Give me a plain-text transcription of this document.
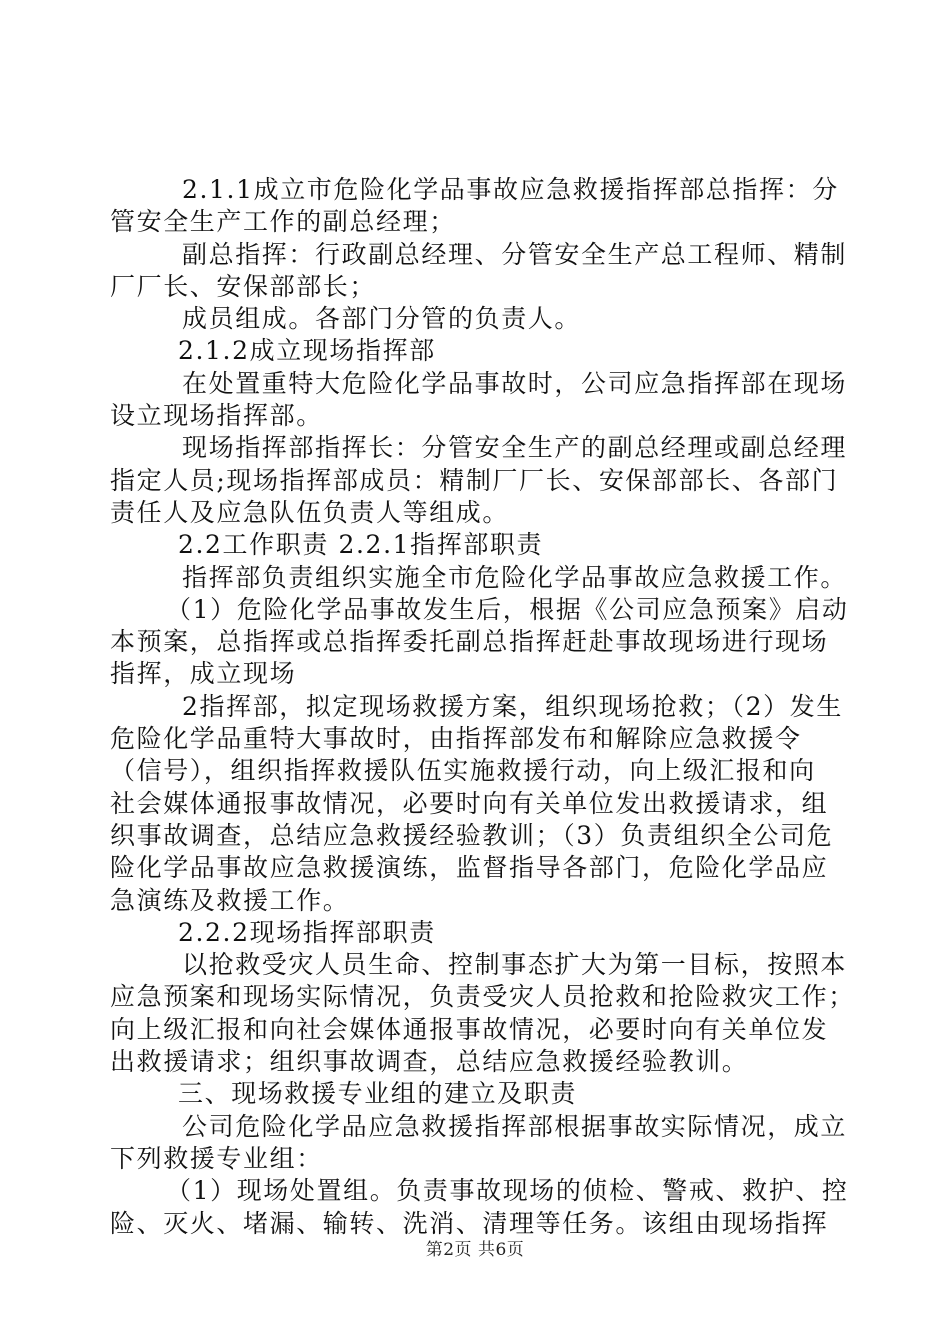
2.1.1成立市危险化学品事故应急救援指挥部总指挥：分
管安全生产工作的副总经理；
副总指挥：行政副总经理、分管安全生产总工程师、精制
厂厂长、安保部部长；
成员组成。各部门分管的负责人。
2.1.2成立现场指挥部
在处置重特大危险化学品事故时，公司应急指挥部在现场
设立现场指挥部。
现场指挥部指挥长：分管安全生产的副总经理或副总经理
指定人员;现场指挥部成员：精制厂厂长、安保部部长、各部门
责任人及应急队伍负责人等组成。
2.2工作职责 2.2.1指挥部职责
指挥部负责组织实施全市危险化学品事故应急救援工作。
（1）危险化学品事故发生后，根据《公司应急预案》启动
本预案，总指挥或总指挥委托副总指挥赶赴事故现场进行现场
指挥，成立现场
2指挥部，拟定现场救援方案，组织现场抢救；（2）发生
危险化学品重特大事故时，由指挥部发布和解除应急救援令
（信号），组织指挥救援队伍实施救援行动，向上级汇报和向
社会媒体通报事故情况，必要时向有关单位发出救援请求，组
织事故调查，总结应急救援经验教训；（3）负责组织全公司危
险化学品事故应急救援演练，监督指导各部门，危险化学品应
急演练及救援工作。
2.2.2现场指挥部职责
以抢救受灾人员生命、控制事态扩大为第一目标，按照本
应急预案和现场实际情况，负责受灾人员抢救和抢险救灾工作；
向上级汇报和向社会媒体通报事故情况，必要时向有关单位发
出救援请求；组织事故调查，总结应急救援经验教训。
三、现场救援专业组的建立及职责
公司危险化学品应急救援指挥部根据事故实际情况，成立
下列救援专业组：
（1）现场处置组。负责事故现场的侦检、警戒、救护、控
险、灭火、堵漏、输转、洗消、清理等任务。该组由现场指挥
第2页 共6页
